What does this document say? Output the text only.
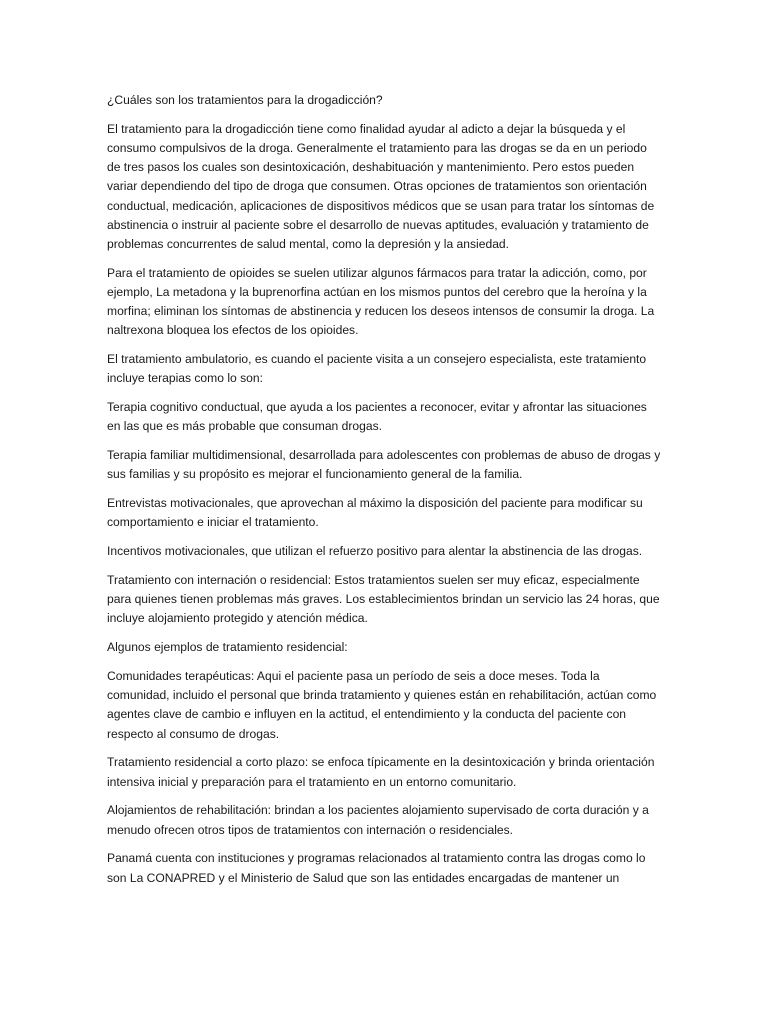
¿Cuáles son los tratamientos para la drogadicción?

El tratamiento para la drogadicción tiene como finalidad ayudar al adicto a dejar la búsqueda y el consumo compulsivos de la droga. Generalmente el tratamiento para las drogas se da en un periodo de tres pasos los cuales son desintoxicación, deshabituación y mantenimiento. Pero estos pueden variar dependiendo del tipo de droga que consumen. Otras opciones de tratamientos son orientación conductual, medicación, aplicaciones de dispositivos médicos que se usan para tratar los síntomas de abstinencia o instruir al paciente sobre el desarrollo de nuevas aptitudes, evaluación y tratamiento de problemas concurrentes de salud mental, como la depresión y la ansiedad.

Para el tratamiento de opioides se suelen utilizar algunos fármacos para tratar la adicción, como, por ejemplo, La metadona y la buprenorfina actúan en los mismos puntos del cerebro que la heroína y la morfina; eliminan los síntomas de abstinencia y reducen los deseos intensos de consumir la droga. La naltrexona bloquea los efectos de los opioides.

El tratamiento ambulatorio, es cuando el paciente visita a un consejero especialista, este tratamiento incluye terapias como lo son:

Terapia cognitivo conductual, que ayuda a los pacientes a reconocer, evitar y afrontar las situaciones en las que es más probable que consuman drogas.

Terapia familiar multidimensional, desarrollada para adolescentes con problemas de abuso de drogas y sus familias y su propósito es mejorar el funcionamiento general de la familia.

Entrevistas motivacionales, que aprovechan al máximo la disposición del paciente para modificar su comportamiento e iniciar el tratamiento.

Incentivos motivacionales, que utilizan el refuerzo positivo para alentar la abstinencia de las drogas.

Tratamiento con internación o residencial: Estos tratamientos suelen ser muy eficaz, especialmente para quienes tienen problemas más graves. Los establecimientos brindan un servicio las 24 horas, que incluye alojamiento protegido y atención médica.

Algunos ejemplos de tratamiento residencial:

Comunidades terapéuticas: Aqui el paciente pasa un período de seis a doce meses. Toda la comunidad, incluido el personal que brinda tratamiento y quienes están en rehabilitación, actúan como agentes clave de cambio e influyen en la actitud, el entendimiento y la conducta del paciente con respecto al consumo de drogas.

Tratamiento residencial a corto plazo: se enfoca típicamente en la desintoxicación y brinda orientación intensiva inicial y preparación para el tratamiento en un entorno comunitario.

Alojamientos de rehabilitación: brindan a los pacientes alojamiento supervisado de corta duración y a menudo ofrecen otros tipos de tratamientos con internación o residenciales.

Panamá cuenta con instituciones y programas relacionados al tratamiento contra las drogas como lo son La CONAPRED y el Ministerio de Salud que son las entidades encargadas de mantener un
